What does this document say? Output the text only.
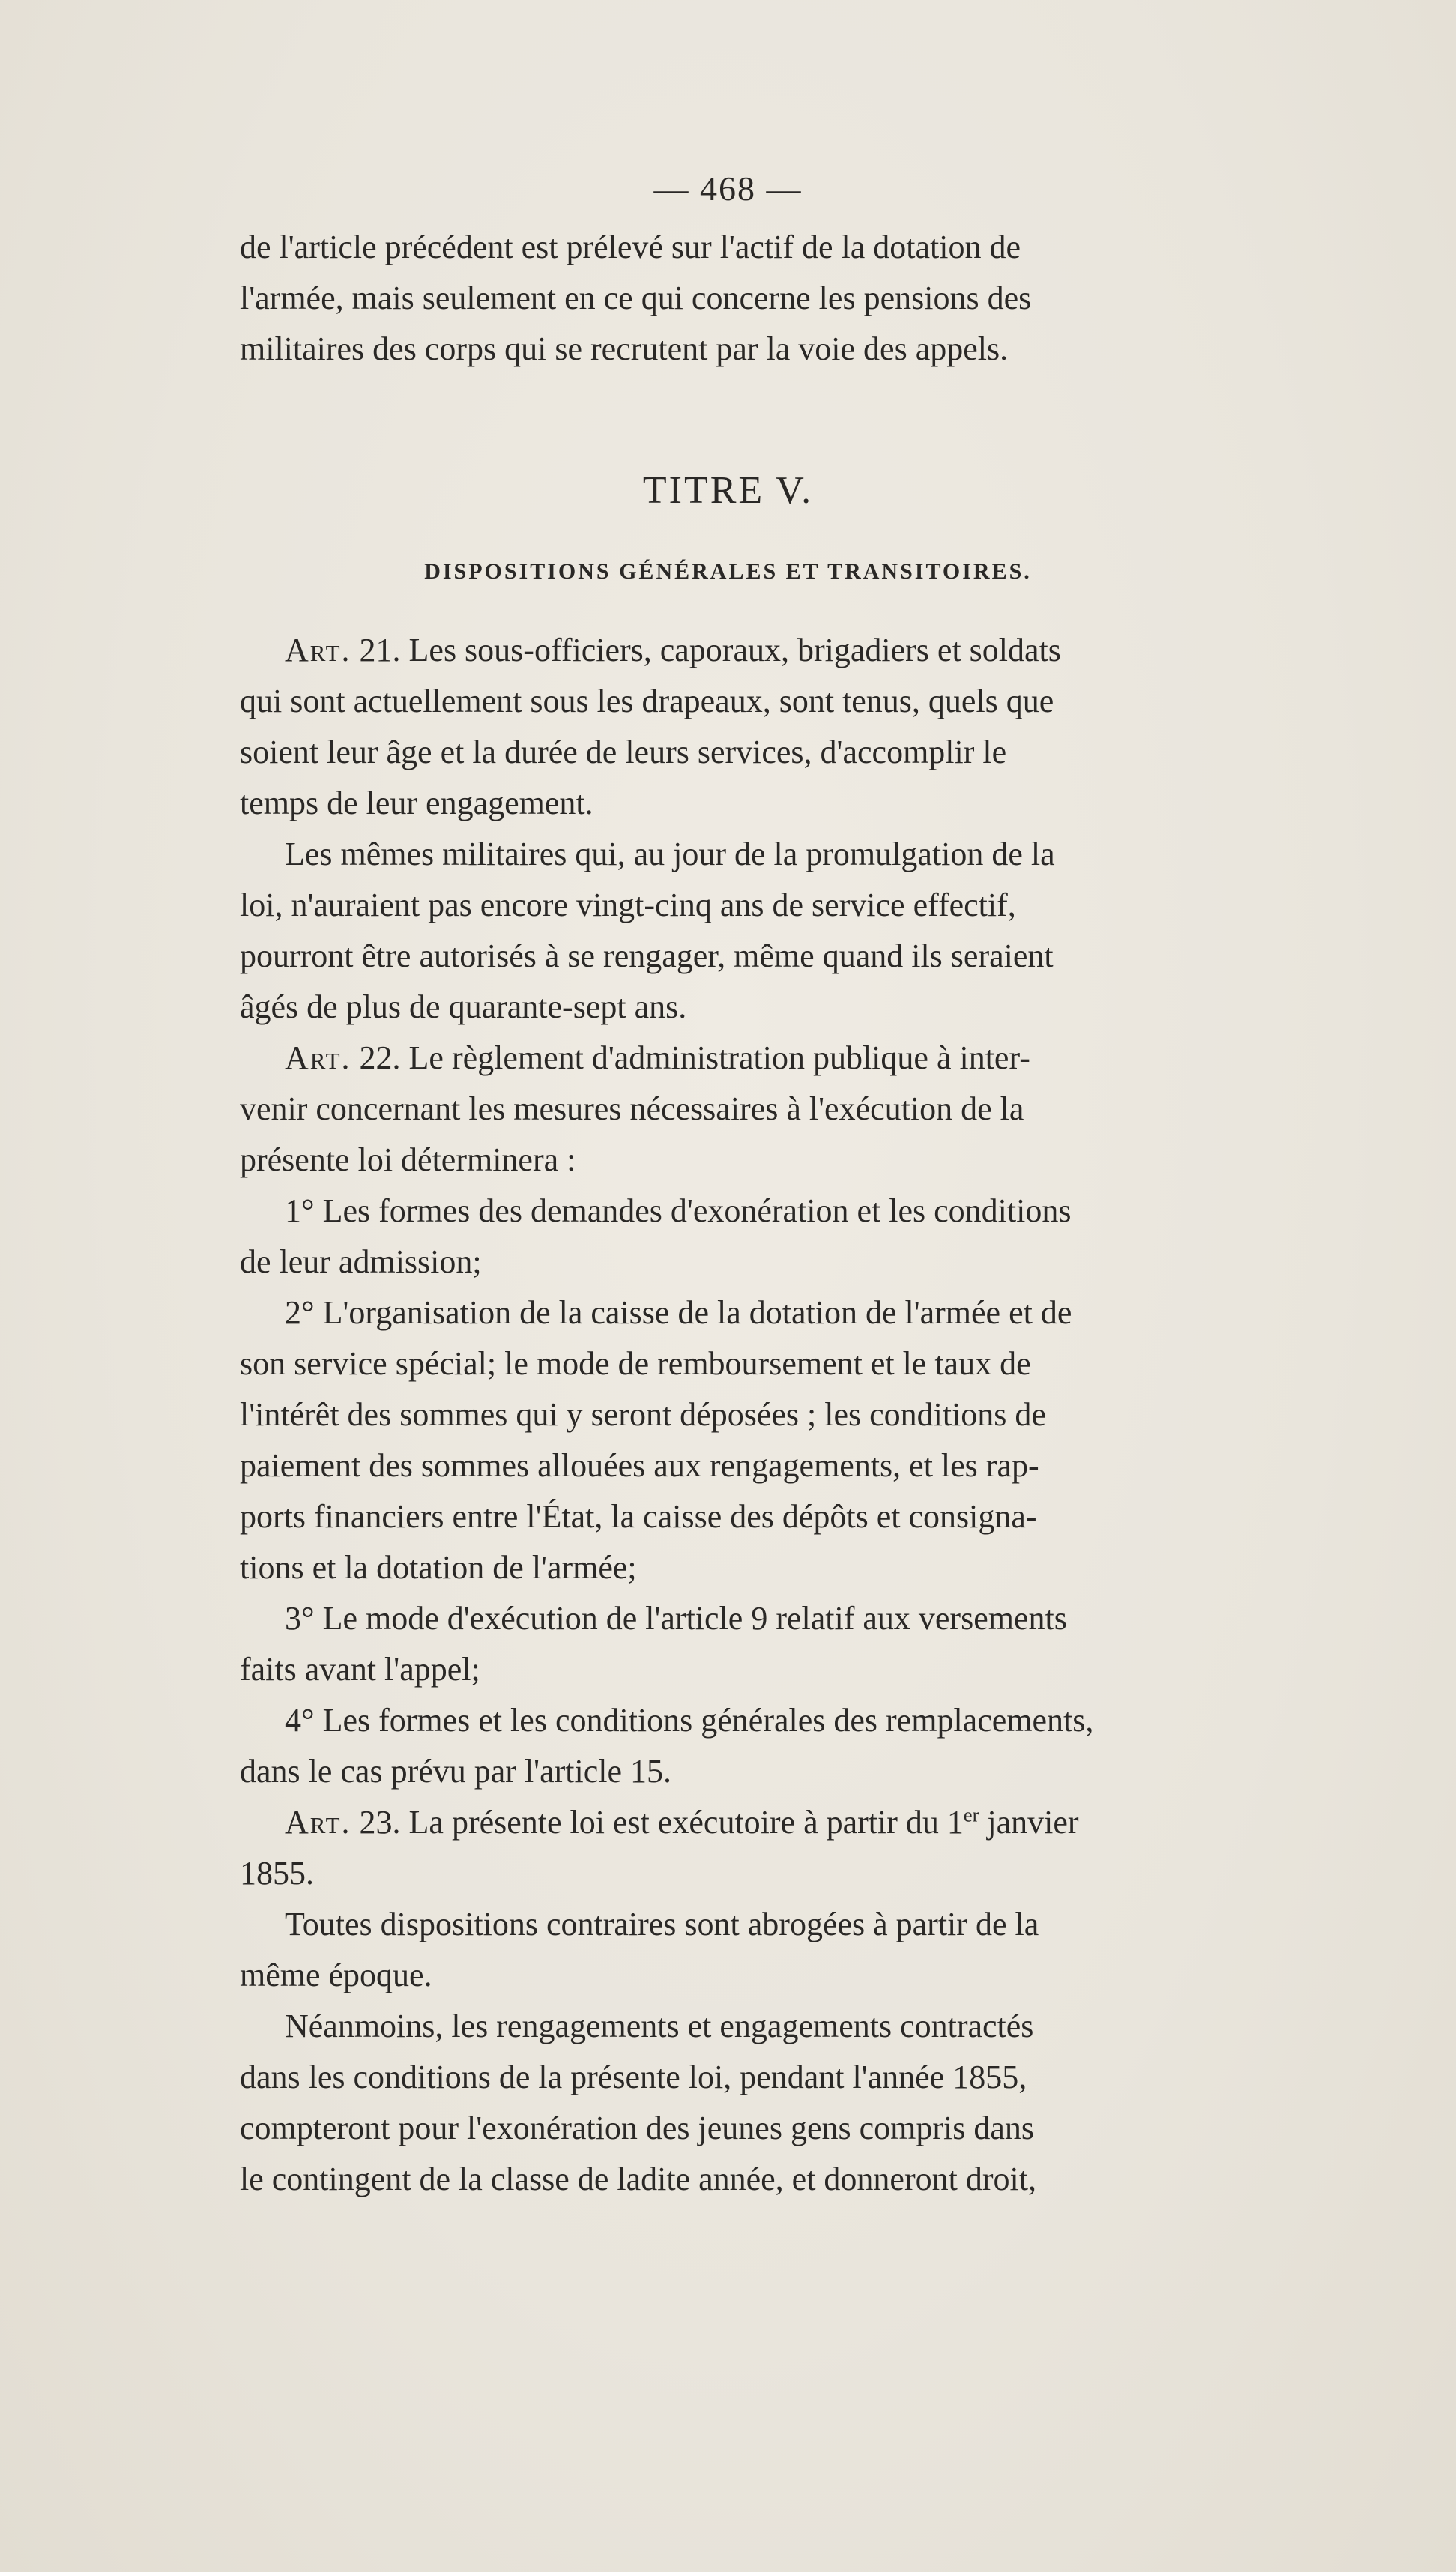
— 468 —
de l'article précédent est prélevé sur l'actif de la dotation de
l'armée, mais seulement en ce qui concerne les pensions des
militaires des corps qui se recrutent par la voie des appels.
TITRE V.
DISPOSITIONS GÉNÉRALES ET TRANSITOIRES.
Art. 21. Les sous-officiers, caporaux, brigadiers et soldats
qui sont actuellement sous les drapeaux, sont tenus, quels que
soient leur âge et la durée de leurs services, d'accomplir le
temps de leur engagement.
Les mêmes militaires qui, au jour de la promulgation de la
loi, n'auraient pas encore vingt-cinq ans de service effectif,
pourront être autorisés à se rengager, même quand ils seraient
âgés de plus de quarante-sept ans.
Art. 22. Le règlement d'administration publique à inter-
venir concernant les mesures nécessaires à l'exécution de la
présente loi déterminera :
1° Les formes des demandes d'exonération et les conditions
de leur admission;
2° L'organisation de la caisse de la dotation de l'armée et de
son service spécial; le mode de remboursement et le taux de
l'intérêt des sommes qui y seront déposées ; les conditions de
paiement des sommes allouées aux rengagements, et les rap-
ports financiers entre l'État, la caisse des dépôts et consigna-
tions et la dotation de l'armée;
3° Le mode d'exécution de l'article 9 relatif aux versements
faits avant l'appel;
4° Les formes et les conditions générales des remplacements,
dans le cas prévu par l'article 15.
Art. 23. La présente loi est exécutoire à partir du 1er janvier
1855.
Toutes dispositions contraires sont abrogées à partir de la
même époque.
Néanmoins, les rengagements et engagements contractés
dans les conditions de la présente loi, pendant l'année 1855,
compteront pour l'exonération des jeunes gens compris dans
le contingent de la classe de ladite année, et donneront droit,
